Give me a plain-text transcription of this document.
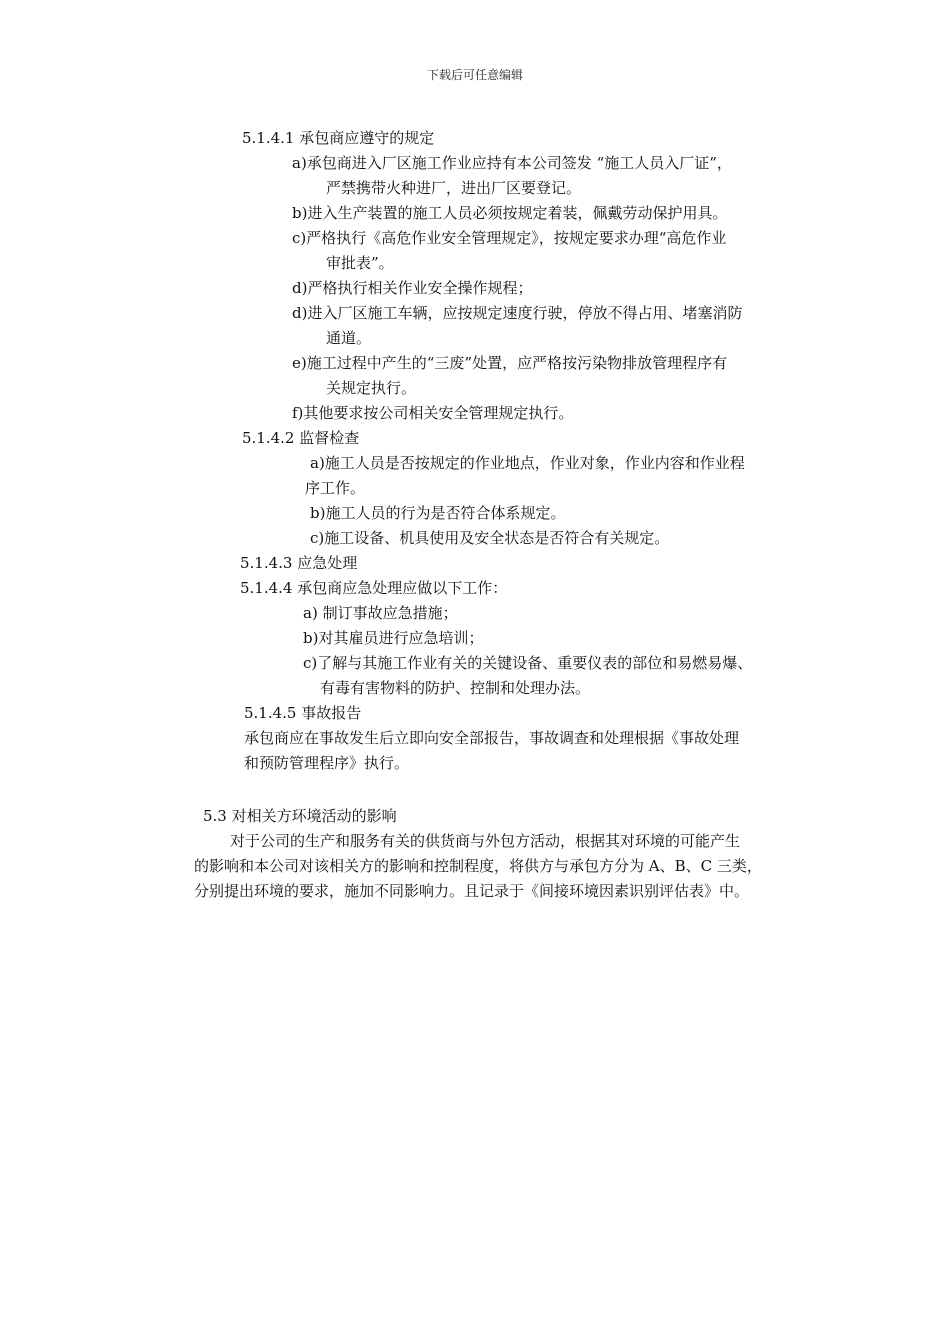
下载后可任意编辑
5.1.4.1 承包商应遵守的规定
a)承包商进入厂区施工作业应持有本公司签发 “施工人员入厂证”，
严禁携带火种进厂，进出厂区要登记。
b)进入生产装置的施工人员必须按规定着装，佩戴劳动保护用具。
c)严格执行《高危作业安全管理规定》，按规定要求办理“高危作业
审批表”。
d)严格执行相关作业安全操作规程；
d)进入厂区施工车辆，应按规定速度行驶，停放不得占用、堵塞消防
通道。
e)施工过程中产生的“三废”处置，应严格按污染物排放管理程序有
关规定执行。
f)其他要求按公司相关安全管理规定执行。
5.1.4.2 监督检查
a)施工人员是否按规定的作业地点，作业对象，作业内容和作业程
序工作。
b)施工人员的行为是否符合体系规定。
c)施工设备、机具使用及安全状态是否符合有关规定。
5.1.4.3 应急处理
5.1.4.4 承包商应急处理应做以下工作：
a) 制订事故应急措施；
b)对其雇员进行应急培训；
c)了解与其施工作业有关的关键设备、重要仪表的部位和易燃易爆、
有毒有害物料的防护、控制和处理办法。
5.1.4.5 事故报告
承包商应在事故发生后立即向安全部报告，事故调查和处理根据《事故处理
和预防管理程序》执行。
5.3 对相关方环境活动的影响
对于公司的生产和服务有关的供货商与外包方活动，根据其对环境的可能产生
的影响和本公司对该相关方的影响和控制程度，将供方与承包方分为 A、B、C 三类，
分别提出环境的要求，施加不同影响力。且记录于《间接环境因素识别评估表》中。
